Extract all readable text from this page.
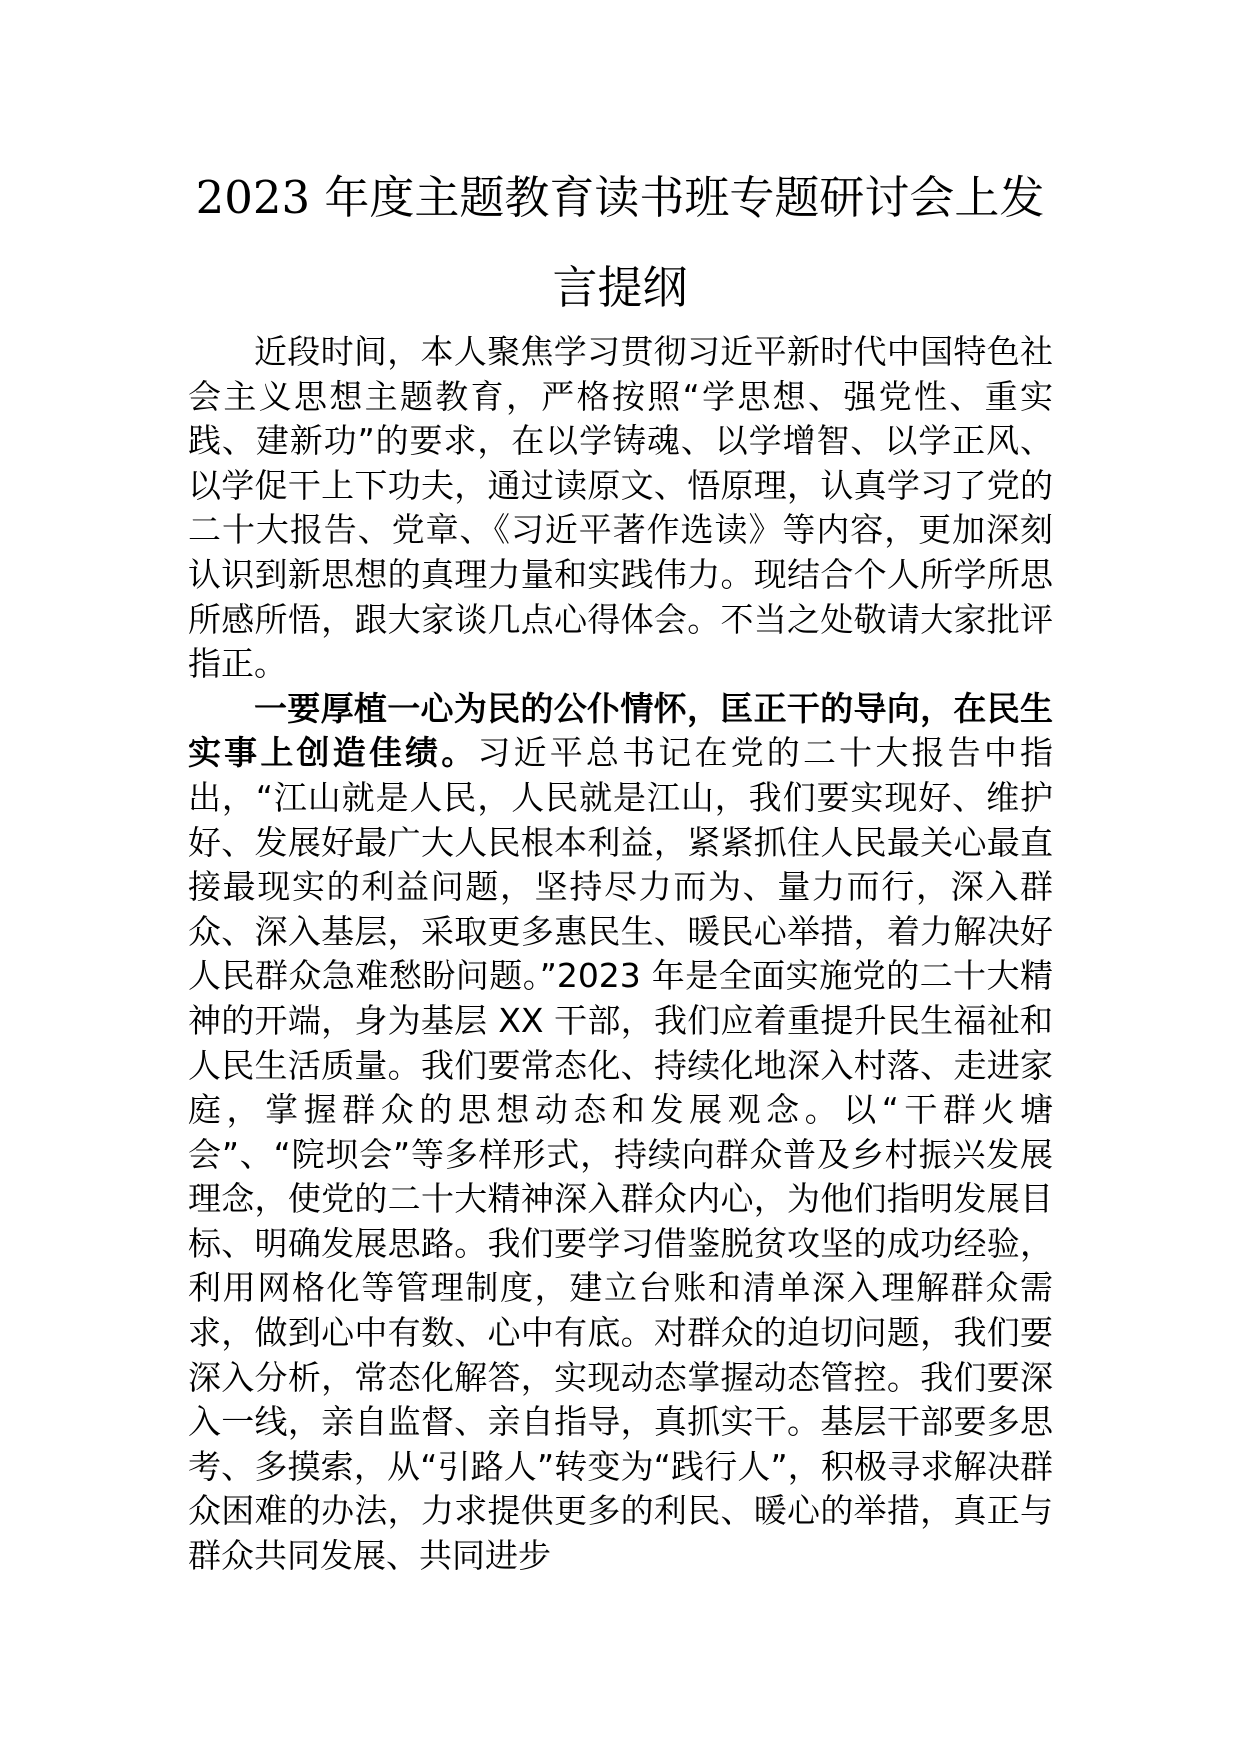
2023 年度主题教育读书班专题研讨会上发
言提纲

近段时间，本人聚焦学习贯彻习近平新时代中国特色社会主义思想主题教育，严格按照“学思想、强党性、重实践、建新功”的要求，在以学铸魂、以学增智、以学正风、以学促干上下功夫，通过读原文、悟原理，认真学习了党的二十大报告、党章、《习近平著作选读》等内容，更加深刻认识到新思想的真理力量和实践伟力。现结合个人所学所思所感所悟，跟大家谈几点心得体会。不当之处敬请大家批评指正。

一要厚植一心为民的公仆情怀，匡正干的导向，在民生实事上创造佳绩。习近平总书记在党的二十大报告中指出，“江山就是人民，人民就是江山，我们要实现好、维护好、发展好最广大人民根本利益，紧紧抓住人民最关心最直接最现实的利益问题，坚持尽力而为、量力而行，深入群众、深入基层，采取更多惠民生、暖民心举措，着力解决好人民群众急难愁盼问题。”2023 年是全面实施党的二十大精神的开端，身为基层 XX 干部，我们应着重提升民生福祉和人民生活质量。我们要常态化、持续化地深入村落、走进家庭，掌握群众的思想动态和发展观念。以“干群火塘会”、“院坝会”等多样形式，持续向群众普及乡村振兴发展理念，使党的二十大精神深入群众内心，为他们指明发展目标、明确发展思路。我们要学习借鉴脱贫攻坚的成功经验，利用网格化等管理制度，建立台账和清单深入理解群众需求，做到心中有数、心中有底。对群众的迫切问题，我们要深入分析，常态化解答，实现动态掌握动态管控。我们要深入一线，亲自监督、亲自指导，真抓实干。基层干部要多思考、多摸索，从“引路人”转变为“践行人”，积极寻求解决群众困难的办法，力求提供更多的利民、暖心的举措，真正与群众共同发展、共同进步
